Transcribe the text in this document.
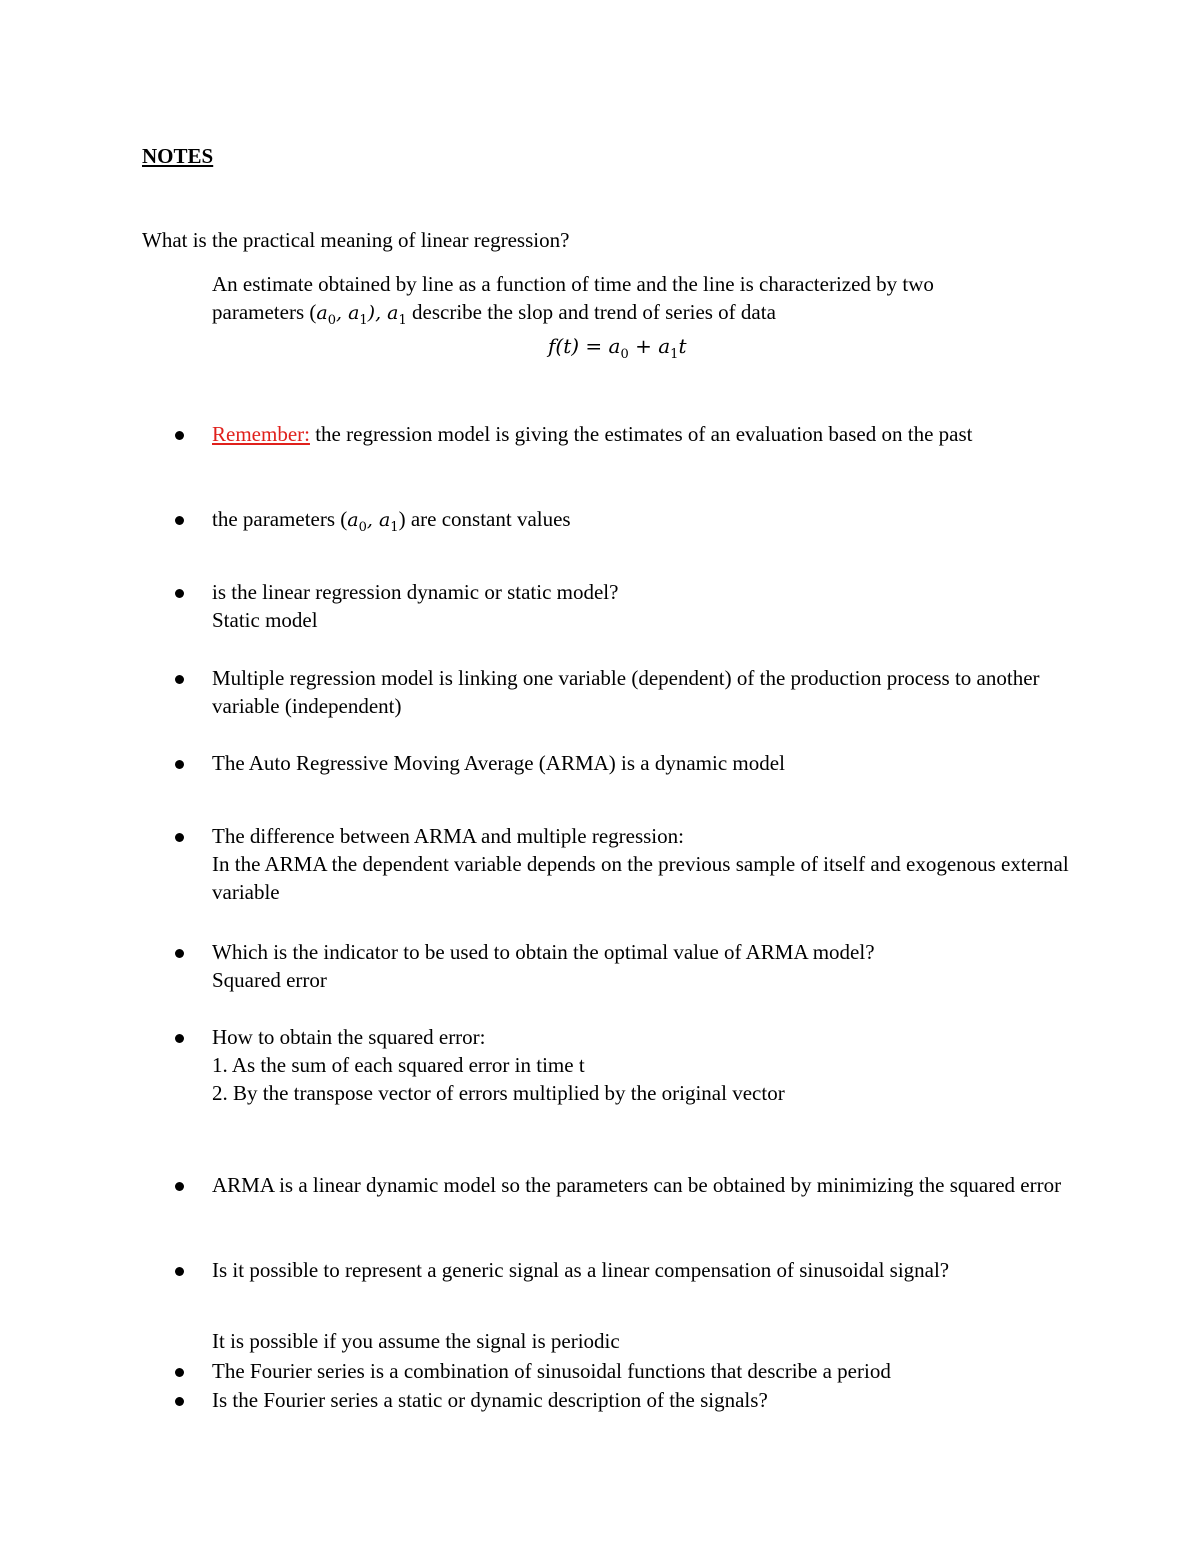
NOTES
What is the practical meaning of linear regression?
An estimate obtained by line as a function of time and the line is characterized by two
parameters ($a_0$, $a_1$), $a_1$ describe the slop and trend of series of data
$f(t) = a_0 + a_1t$
Remember: the regression model is giving the estimates of an evaluation based on the past
the parameters ($a_0$, $a_1$) are constant values
is the linear regression dynamic or static model?
Static model
Multiple regression model is linking one variable (dependent) of the production process to another variable (independent)
The Auto Regressive Moving Average (ARMA) is a dynamic model
The difference between ARMA and multiple regression:
In the ARMA the dependent variable depends on the previous sample of itself and exogenous external variable
Which is the indicator to be used to obtain the optimal value of ARMA model?
Squared error
How to obtain the squared error:
1. As the sum of each squared error in time t
2. By the transpose vector of errors multiplied by the original vector
ARMA is a linear dynamic model so the parameters can be obtained by minimizing the squared error
Is it possible to represent a generic signal as a linear compensation of sinusoidal signal?
It is possible if you assume the signal is periodic
The Fourier series is a combination of sinusoidal functions that describe a period
Is the Fourier series a static or dynamic description of the signals?
